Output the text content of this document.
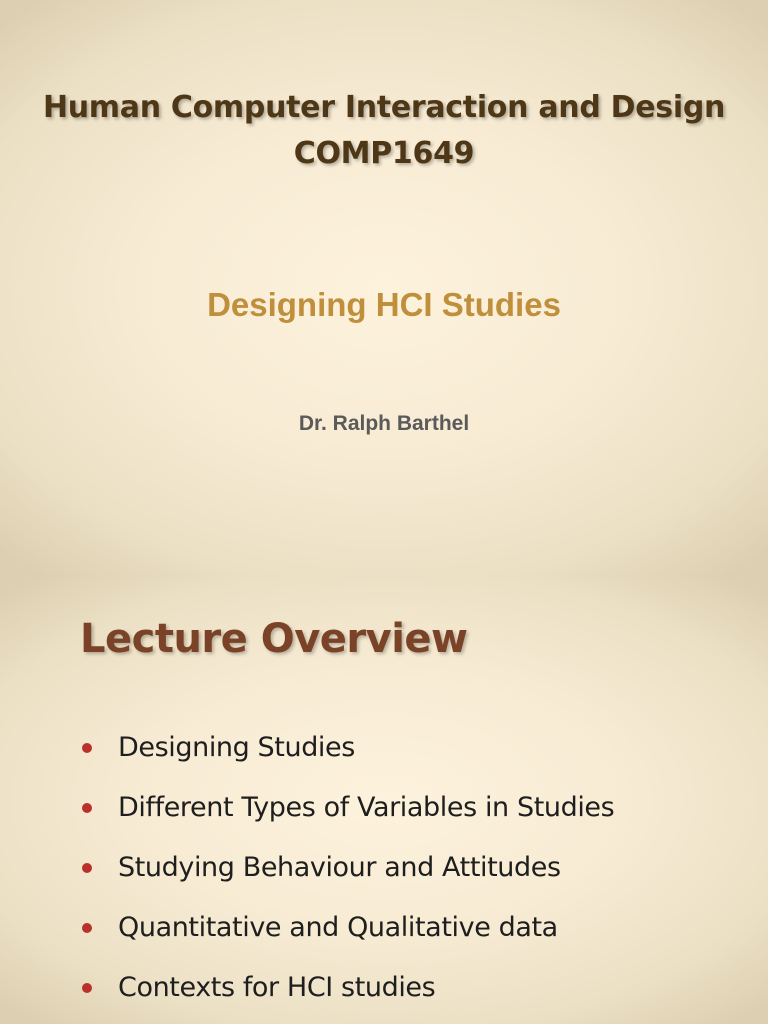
Human Computer Interaction and Design
COMP1649
Designing HCI Studies

Dr. Ralph Barthel

Lecture Overview
Designing Studies
Different Types of Variables in Studies
Studying Behaviour and Attitudes
Quantitative and Qualitative data
Contexts for HCI studies
